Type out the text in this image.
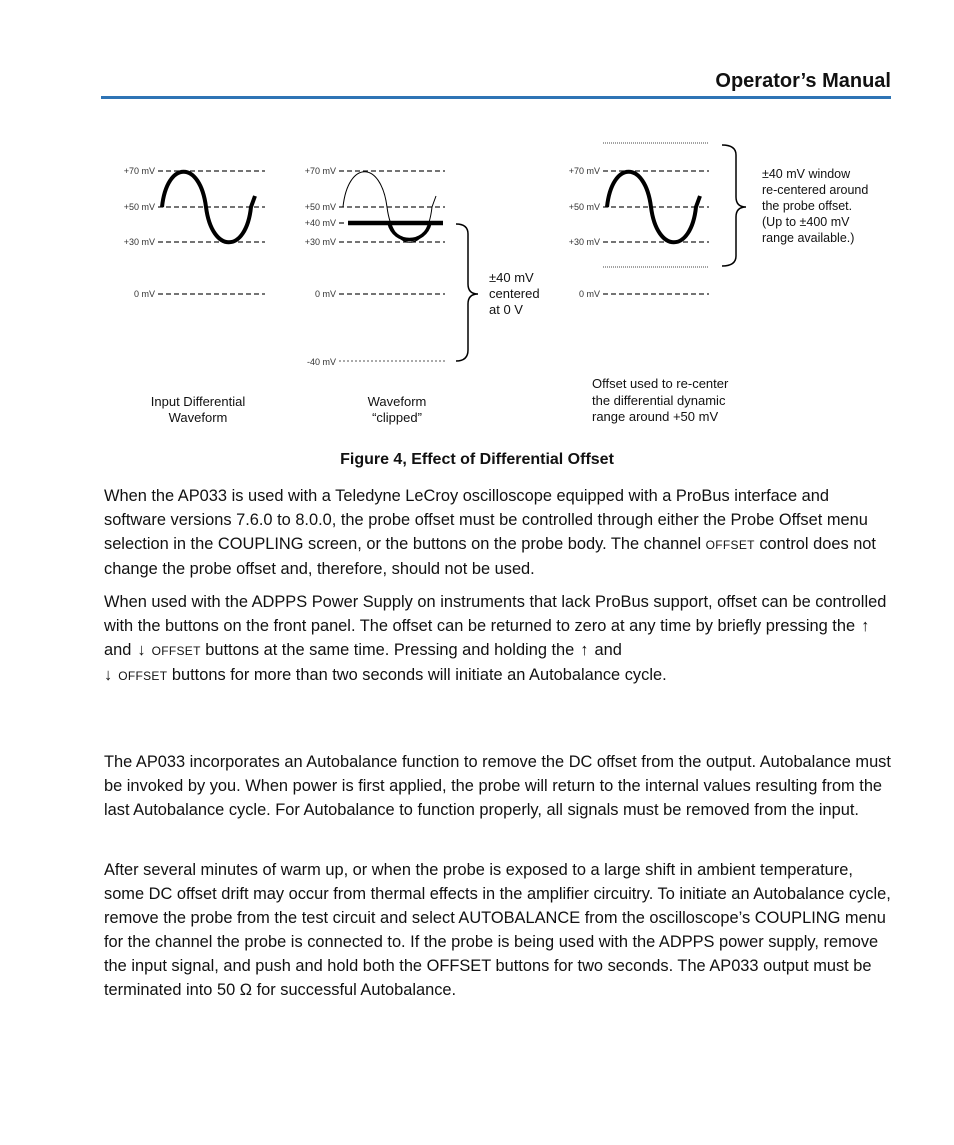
Operator’s Manual
+70 mV
+50 mV
+30 mV
0 mV
Input Differential
Waveform
+70 mV
+50 mV
+40 mV
+30 mV
0 mV
-40 mV
±40 mV
centered
at 0 V
Waveform
“clipped”
+70 mV
+50 mV
+30 mV
0 mV
±40 mV window
re-centered around
the probe offset.
(Up to ±400 mV
range available.)
Offset used to re-center
the differential dynamic
range around +50 mV
Figure 4, Effect of Differential Offset

When the AP033 is used with a Teledyne LeCroy oscilloscope equipped with a ProBus interface and software versions 7.6.0 to 8.0.0, the probe offset must be controlled through either the Probe Offset menu selection in the COUPLING screen, or the buttons on the probe body. The channel OFFSET control does not change the probe offset and, therefore, should not be used.

When used with the ADPPS Power Supply on instruments that lack ProBus support, offset can be controlled with the buttons on the front panel. The offset can be returned to zero at any time by briefly pressing the ↑and ↓ OFFSET buttons at the same time. Pressing and holding the ↑ and
↓ OFFSET buttons for more than two seconds will initiate an Autobalance cycle.

The AP033 incorporates an Autobalance function to remove the DC offset from the output. Autobalance must be invoked by you. When power is first applied, the probe will return to the internal values resulting from the last Autobalance cycle. For Autobalance to function properly, all signals must be removed from the input.

After several minutes of warm up, or when the probe is exposed to a large shift in ambient temperature, some DC offset drift may occur from thermal effects in the amplifier circuitry. To initiate an Autobalance cycle, remove the probe from the test circuit and select AUTOBALANCE from the oscilloscope’s COUPLING menu for the channel the probe is connected to. If the probe is being used with the ADPPS power supply, remove the input signal, and push and hold both the OFFSET buttons for two seconds. The AP033 output must be terminated into 50 Ω for successful Autobalance.
